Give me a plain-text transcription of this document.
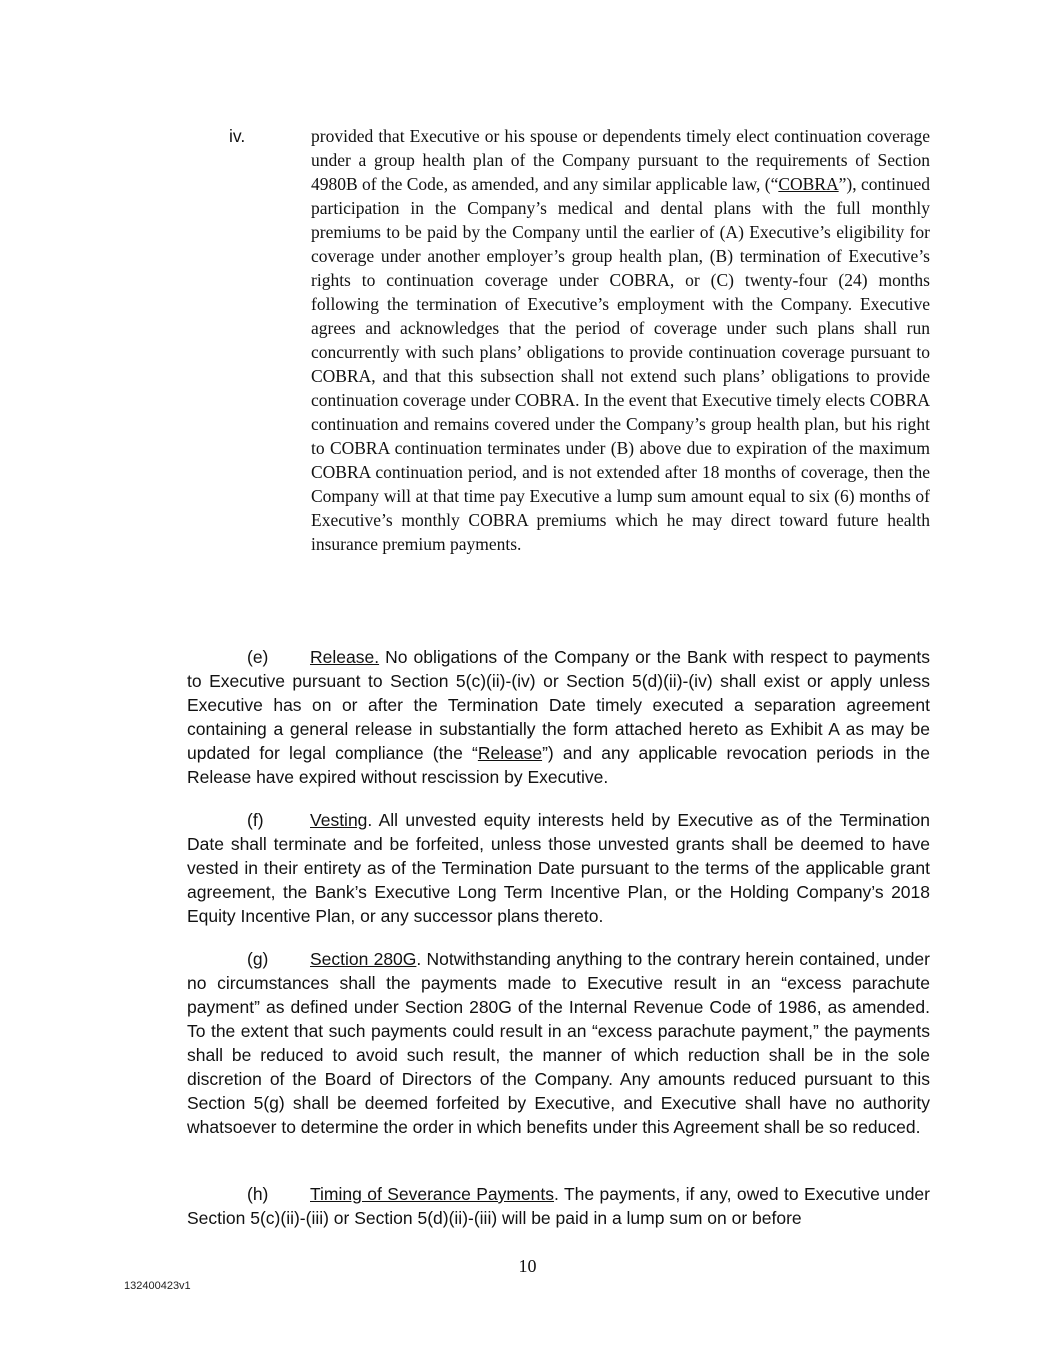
iv.	provided that Executive or his spouse or dependents timely elect continuation coverage under a group health plan of the Company pursuant to the requirements of Section 4980B of the Code, as amended, and any similar applicable law, (“COBRA”), continued participation in the Company’s medical and dental plans with the full monthly premiums to be paid by the Company until the earlier of (A) Executive’s eligibility for coverage under another employer’s group health plan, (B) termination of Executive’s rights to continuation coverage under COBRA, or (C) twenty-four (24) months following the termination of Executive’s employment with the Company. Executive agrees and acknowledges that the period of coverage under such plans shall run concurrently with such plans’ obligations to provide continuation coverage pursuant to COBRA, and that this subsection shall not extend such plans’ obligations to provide continuation coverage under COBRA. In the event that Executive timely elects COBRA continuation and remains covered under the Company’s group health plan, but his right to COBRA continuation terminates under (B) above due to expiration of the maximum COBRA continuation period, and is not extended after 18 months of coverage, then the Company will at that time pay Executive a lump sum amount equal to six (6) months of Executive’s monthly COBRA premiums which he may direct toward future health insurance premium payments.

(e) Release. No obligations of the Company or the Bank with respect to payments to Executive pursuant to Section 5(c)(ii)-(iv) or Section 5(d)(ii)-(iv) shall exist or apply unless Executive has on or after the Termination Date timely executed a separation agreement containing a general release in substantially the form attached hereto as Exhibit A as may be updated for legal compliance (the “Release”) and any applicable revocation periods in the Release have expired without rescission by Executive.

(f)	Vesting. All unvested equity interests held by Executive as of the Termination Date shall terminate and be forfeited, unless those unvested grants shall be deemed to have vested in their entirety as of the Termination Date pursuant to the terms of the applicable grant agreement, the Bank’s Executive Long Term Incentive Plan, or the Holding Company’s 2018 Equity Incentive Plan, or any successor plans thereto.

(g) Section 280G. Notwithstanding anything to the contrary herein contained, under no circumstances shall the payments made to Executive result in an “excess parachute payment” as defined under Section 280G of the Internal Revenue Code of 1986, as amended. To the extent that such payments could result in an “excess parachute payment,” the payments shall be reduced to avoid such result, the manner of which reduction shall be in the sole discretion of the Board of Directors of the Company. Any amounts reduced pursuant to this Section 5(g) shall be deemed forfeited by Executive, and Executive shall have no authority whatsoever to determine the order in which benefits under this Agreement shall be so reduced.

(h) Timing of Severance Payments. The payments, if any, owed to Executive under Section 5(c)(ii)-(iii) or Section 5(d)(ii)-(iii) will be paid in a lump sum on or before

10
132400423v1
